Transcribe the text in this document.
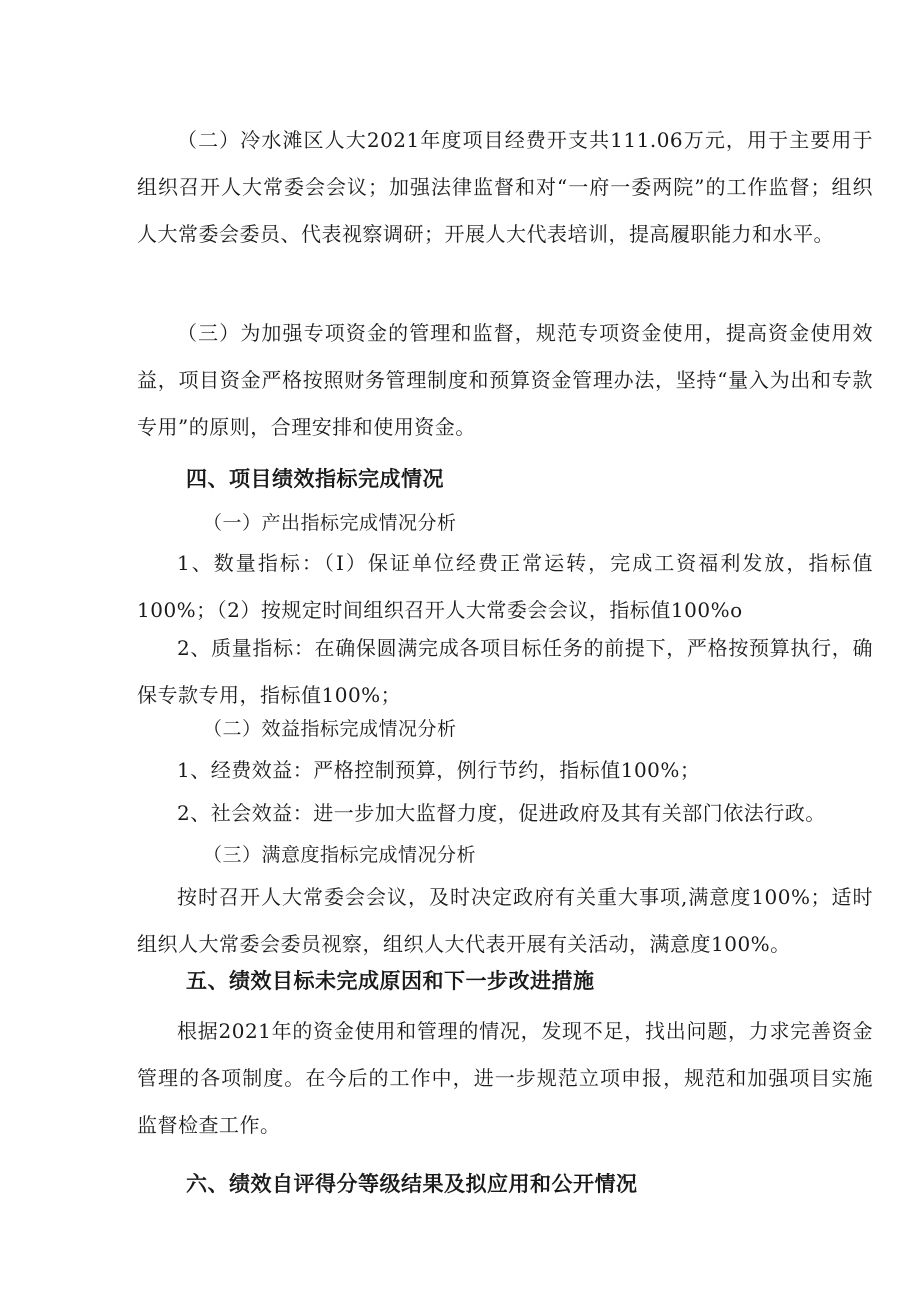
（二）冷水滩区人大2021年度项目经费开支共111.06万元，用于主要用于组织召开人大常委会会议；加强法律监督和对“一府一委两院”的工作监督；组织人大常委会委员、代表视察调研；开展人大代表培训，提高履职能力和水平。

（三）为加强专项资金的管理和监督，规范专项资金使用，提高资金使用效益，项目资金严格按照财务管理制度和预算资金管理办法，坚持“量入为出和专款专用”的原则，合理安排和使用资金。

四、项目绩效指标完成情况

（一）产出指标完成情况分析

1、数量指标：（I）保证单位经费正常运转，完成工资福利发放，指标值100%；（2）按规定时间组织召开人大常委会会议，指标值100%o

2、质量指标：在确保圆满完成各项目标任务的前提下，严格按预算执行，确保专款专用，指标值100%；

（二）效益指标完成情况分析

1、经费效益：严格控制预算，例行节约，指标值100%；

2、社会效益：进一步加大监督力度，促进政府及其有关部门依法行政。

（三）满意度指标完成情况分析

按时召开人大常委会会议，及时决定政府有关重大事项,满意度100%；适时组织人大常委会委员视察，组织人大代表开展有关活动，满意度100%。

五、绩效目标未完成原因和下一步改进措施

根据2021年的资金使用和管理的情况，发现不足，找出问题，力求完善资金管理的各项制度。在今后的工作中，进一步规范立项申报，规范和加强项目实施监督检查工作。

六、绩效自评得分等级结果及拟应用和公开情况
